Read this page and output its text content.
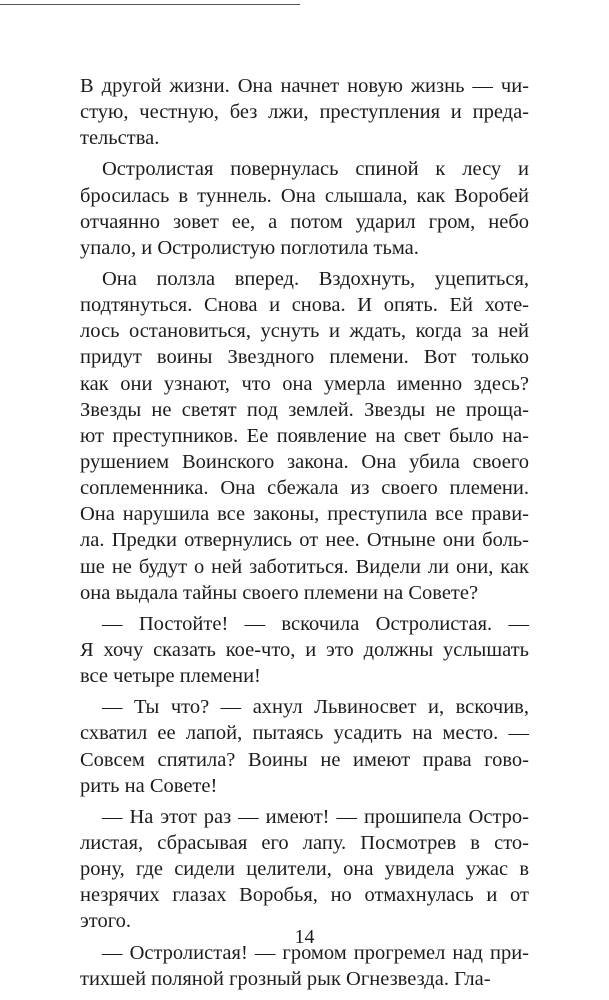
В другой жизни. Она начнет новую жизнь — чи-
стую, честную, без лжи, преступления и преда-
тельства.
Остролистая повернулась спиной к лесу и
бросилась в туннель. Она слышала, как Воробей
отчаянно зовет ее, а потом ударил гром, небо
упало, и Остролистую поглотила тьма.
Она ползла вперед. Вздохнуть, уцепиться,
подтянуться. Снова и снова. И опять. Ей хоте-
лось остановиться, уснуть и ждать, когда за ней
придут воины Звездного племени. Вот только
как они узнают, что она умерла именно здесь?
Звезды не светят под землей. Звезды не проща-
ют преступников. Ее появление на свет было на-
рушением Воинского закона. Она убила своего
соплеменника. Она сбежала из своего племени.
Она нарушила все законы, преступила все прави-
ла. Предки отвернулись от нее. Отныне они боль-
ше не будут о ней заботиться. Видели ли они, как
она выдала тайны своего племени на Совете?
— Постойте! — вскочила Остролистая. —
Я хочу сказать кое-что, и это должны услышать
все четыре племени!
— Ты что? — ахнул Львиносвет и, вскочив,
схватил ее лапой, пытаясь усадить на место. —
Совсем спятила? Воины не имеют права гово-
рить на Совете!
— На этот раз — имеют! — прошипела Остро-
листая, сбрасывая его лапу. Посмотрев в сто-
рону, где сидели целители, она увидела ужас в
незрячих глазах Воробья, но отмахнулась и от
этого.
— Остролистая! — громом прогремел над при-
тихшей поляной грозный рык Огнезвезда. Гла-
14
